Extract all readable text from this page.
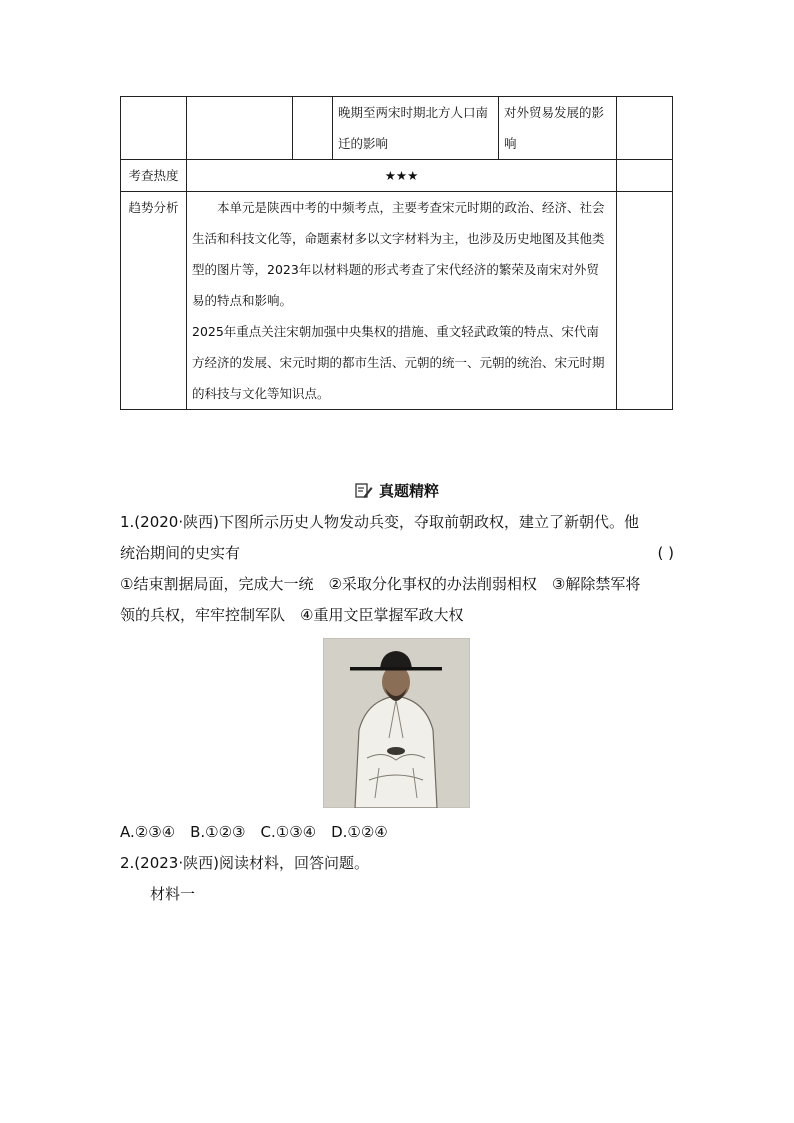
			晚期至两宋时期北方人口南迁的影响	对外贸易发展的影响	
考查热度	★★★				
趋势分析	本单元是陕西中考的中频考点，主要考查宋元时期的政治、经济、社会生活和科技文化等，命题素材多以文字材料为主，也涉及历史地图及其他类型的图片等，2023年以材料题的形式考查了宋代经济的繁荣及南宋对外贸易的特点和影响。
2025年重点关注宋朝加强中央集权的措施、重文轻武政策的特点、宋代南方经济的发展、宋元时期的都市生活、元朝的统一、元朝的统治、宋元时期的科技与文化等知识点。				

真题精粹
1.(2020·陕西)下图所示历史人物发动兵变，夺取前朝政权，建立了新朝代。他
统治期间的史实有	( )
①结束割据局面，完成大一统　②采取分化事权的办法削弱相权　③解除禁军将
领的兵权，牢牢控制军队　④重用文臣掌握军政大权
A.②③④　B.①②③　C.①③④　D.①②④
2.(2023·陕西)阅读材料，回答问题。
材料一
